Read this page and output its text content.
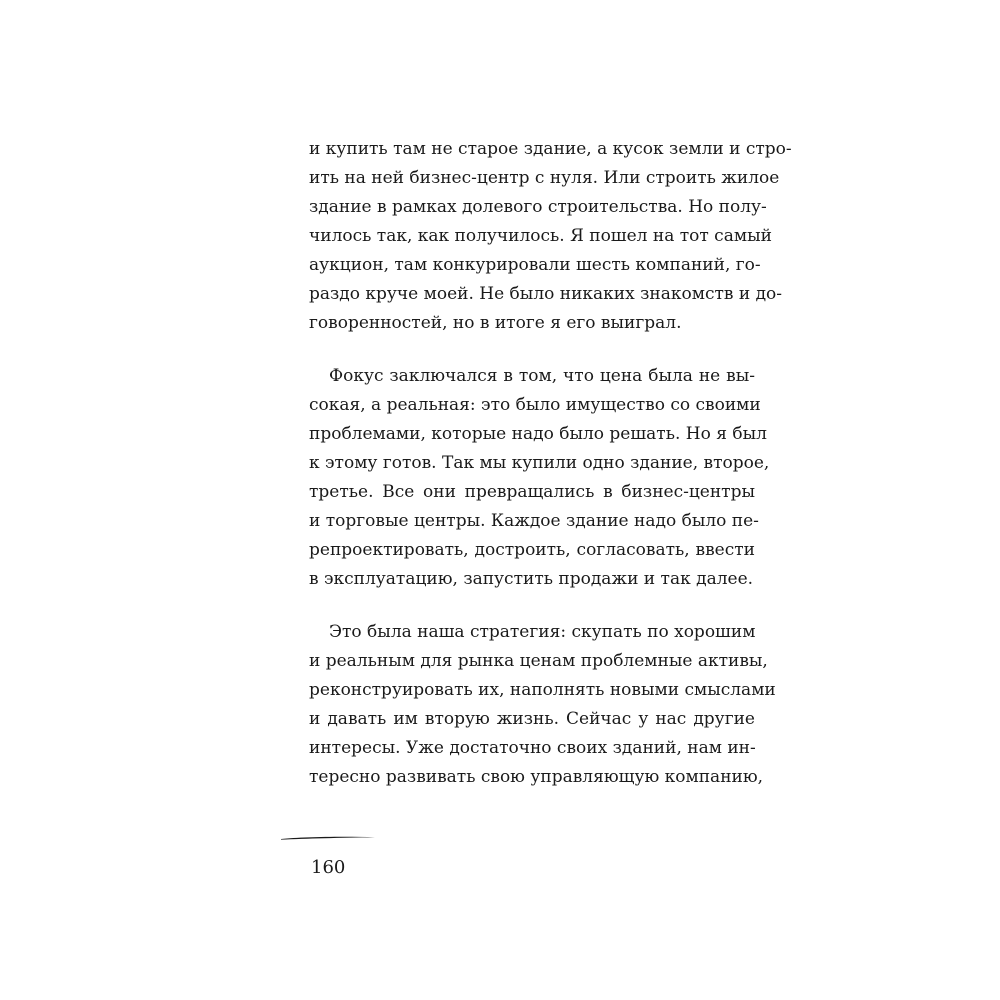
и купить там не старое здание, а кусок земли и стро-
ить на ней бизнес-центр с нуля. Или строить жилое
здание в рамках долевого строительства. Но полу-
чилось так, как получилось. Я пошел на тот самый
аукцион, там конкурировали шесть компаний, го-
раздо круче моей. Не было никаких знакомств и до-
говоренностей, но в итоге я его выиграл.
Фокус заключался в том, что цена была не вы-
сокая, а реальная: это было имущество со своими
проблемами, которые надо было решать. Но я был
к этому готов. Так мы купили одно здание, второе,
третье. Все они превращались в бизнес-центры
и торговые центры. Каждое здание надо было пе-
репроектировать, достроить, согласовать, ввести
в эксплуатацию, запустить продажи и так далее.
Это была наша стратегия: скупать по хорошим
и реальным для рынка ценам проблемные активы,
реконструировать их, наполнять новыми смыслами
и давать им вторую жизнь. Сейчас у нас другие
интересы. Уже достаточно своих зданий, нам ин-
тересно развивать свою управляющую компанию,
160
